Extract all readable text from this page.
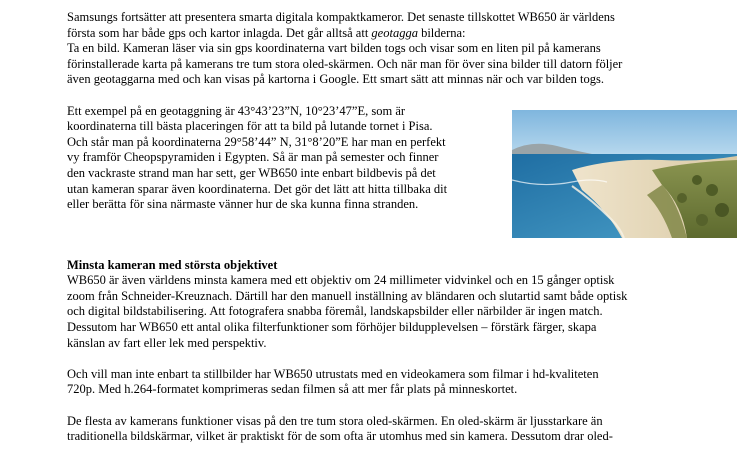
Samsungs fortsätter att presentera smarta digitala kompaktkameror. Det senaste tillskottet WB650 är världens
första som har både gps och kartor inlagda. Det går alltså att geotagga bilderna:
Ta en bild. Kameran läser via sin gps koordinaterna vart bilden togs och visar som en liten pil på kamerans
förinstallerade karta på kamerans tre tum stora oled-skärmen. Och när man för över sina bilder till datorn följer
även geotaggarna med och kan visas på kartorna i Google. Ett smart sätt att minnas när och var bilden togs.

Ett exempel på en geotaggning är 43°43’23”N, 10°23’47”E, som är
koordinaterna till bästa placeringen för att ta bild på lutande tornet i Pisa.
Och står man på koordinaterna 29°58’44” N, 31°8’20”E har man en perfekt
vy framför Cheopspyramiden i Egypten. Så är man på semester och finner
den vackraste strand man har sett, ger WB650 inte enbart bildbevis på det
utan kameran sparar även koordinaterna. Det gör det lätt att hitta tillbaka dit
eller berätta för sina närmaste vänner hur de ska kunna finna stranden.

Minsta kameran med största objektivet
WB650 är även världens minsta kamera med ett objektiv om 24 millimeter vidvinkel och en 15 gånger optisk
zoom från Schneider-Kreuznach. Därtill har den manuell inställning av bländaren och slutartid samt både optisk
och digital bildstabilisering. Att fotografera snabba föremål, landskapsbilder eller närbilder är ingen match.
Dessutom har WB650 ett antal olika filterfunktioner som förhöjer bildupplevelsen – förstärk färger, skapa
känslan av fart eller lek med perspektiv.

Och vill man inte enbart ta stillbilder har WB650 utrustats med en videokamera som filmar i hd-kvaliteten
720p. Med h.264-formatet komprimeras sedan filmen så att mer får plats på minneskortet.

De flesta av kamerans funktioner visas på den tre tum stora oled-skärmen. En oled-skärm är ljusstarkare än
traditionella bildskärmar, vilket är praktiskt för de som ofta är utomhus med sin kamera. Dessutom drar oled-
